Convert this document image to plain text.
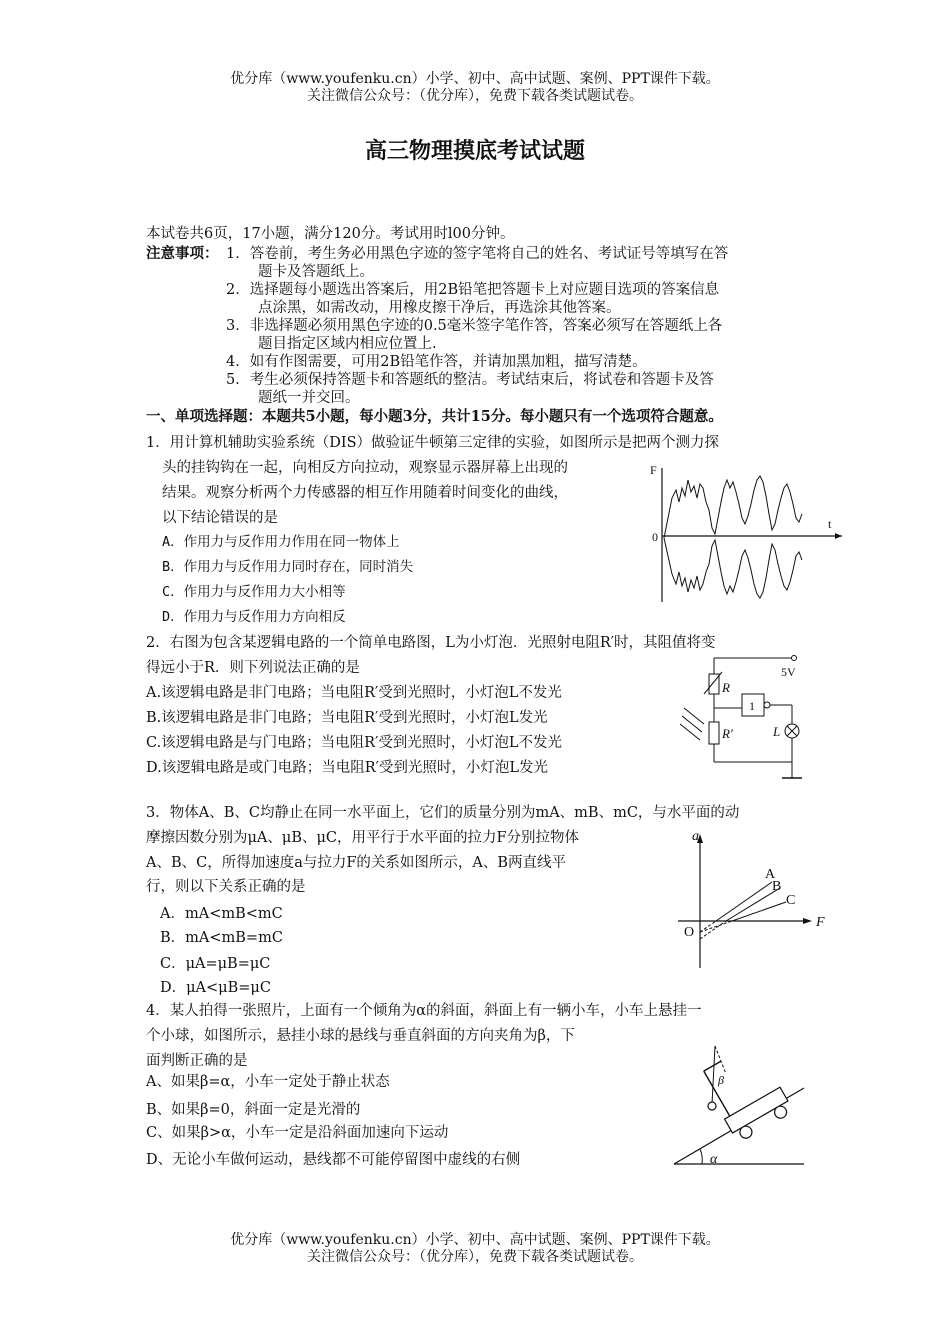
优分库（www.youfenku.cn）小学、初中、高中试题、案例、PPT课件下载。
关注微信公众号：（优分库），免费下载各类试题试卷。
高三物理摸底考试试题
本试卷共6页，17小题，满分120分。考试用时l00分钟。
注意事项： 1．答卷前，考生务必用黑色字迹的签字笔将自己的姓名、考试证号等填写在答
题卡及答题纸上。
2．选择题每小题选出答案后，用2B铅笔把答题卡上对应题目选项的答案信息
点涂黑，如需改动，用橡皮擦干净后，再选涂其他答案。
3．非选择题必须用黑色字迹的0.5毫米签字笔作答，答案必须写在答题纸上各
题目指定区域内相应位置上.
4．如有作图需要，可用2B铅笔作答，并请加黑加粗，描写清楚。
5．考生必须保持答题卡和答题纸的整洁。考试结束后，将试卷和答题卡及答
题纸一并交回。
一、单项选择题：本题共5小题，每小题3分，共计15分。每小题只有一个选项符合题意。
1．用计算机辅助实验系统（DIS）做验证牛顿第三定律的实验，如图所示是把两个测力探
头的挂钩钩在一起，向相反方向拉动，观察显示器屏幕上出现的
结果。观察分析两个力传感器的相互作用随着时间变化的曲线，
以下结论错误的是
A．作用力与反作用力作用在同一物体上
B．作用力与反作用力同时存在，同时消失
C．作用力与反作用力大小相等
D．作用力与反作用力方向相反
F
t
0
2．右图为包含某逻辑电路的一个简单电路图，L为小灯泡．光照射电阻R′时，其阻值将变
得远小于R．则下列说法正确的是
A.该逻辑电路是非门电路；当电阻R′受到光照时，小灯泡L不发光
B.该逻辑电路是非门电路；当电阻R′受到光照时，小灯泡L发光
C.该逻辑电路是与门电路；当电阻R′受到光照时，小灯泡L不发光
D.该逻辑电路是或门电路；当电阻R′受到光照时，小灯泡L发光
5V
R
R′
1
L
3．物体A、B、C均静止在同一水平面上，它们的质量分别为mA、mB、mC，与水平面的动
摩擦因数分别为μA、μB、μC，用平行于水平面的拉力F分别拉物体
A、B、C，所得加速度a与拉力F的关系如图所示，A、B两直线平
行，则以下关系正确的是
A．mA<mB<mC
B．mA<mB=mC
C．μA=μB=μC
D．μA<μB=μC
a
F
O
A
B
C
4．某人拍得一张照片，上面有一个倾角为α的斜面，斜面上有一辆小车，小车上悬挂一
个小球，如图所示，悬挂小球的悬线与垂直斜面的方向夹角为β，下
面判断正确的是
A、如果β=α，小车一定处于静止状态
B、如果β=0，斜面一定是光滑的
C、如果β>α，小车一定是沿斜面加速向下运动
D、无论小车做何运动，悬线都不可能停留图中虚线的右侧	α
β
优分库（www.youfenku.cn）小学、初中、高中试题、案例、PPT课件下载。
关注微信公众号：（优分库），免费下载各类试题试卷。
